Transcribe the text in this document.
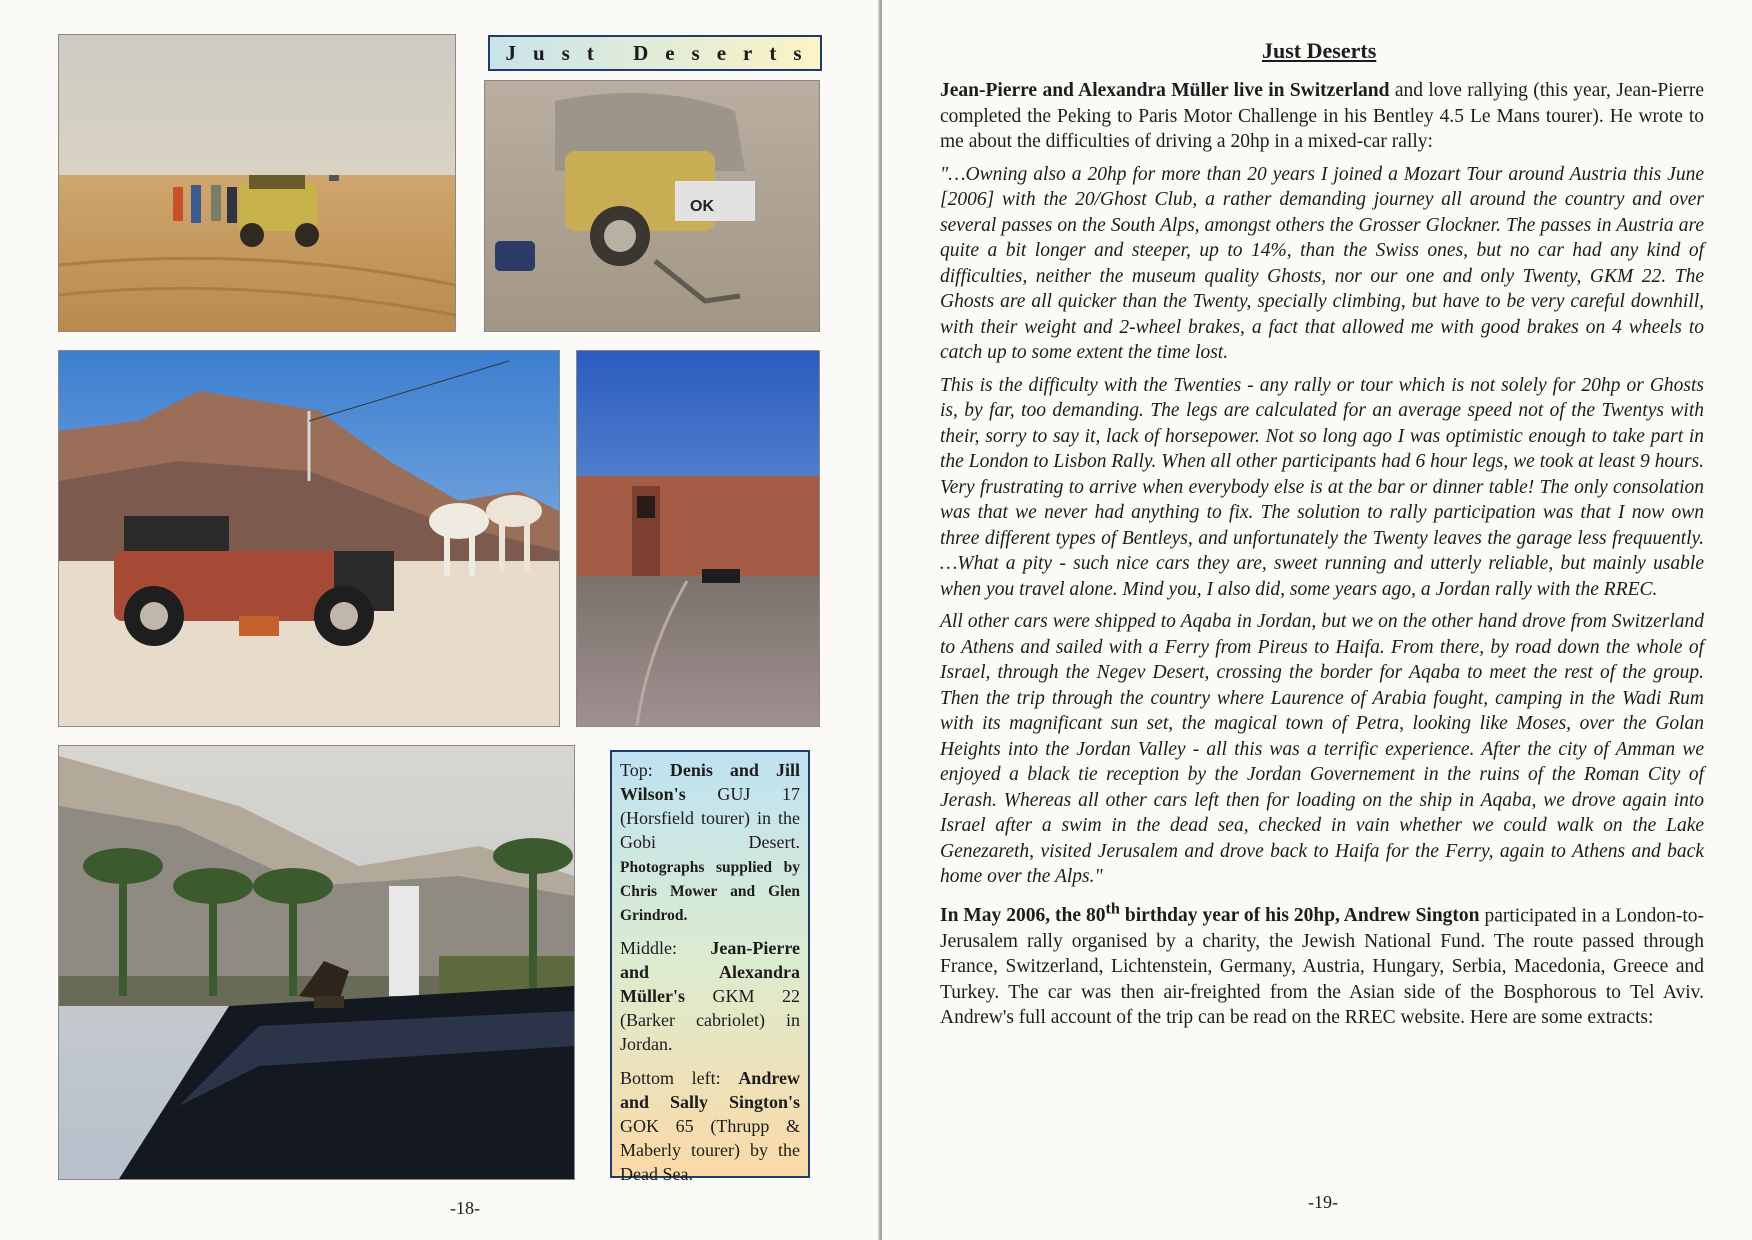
Just Deserts
OK

Top: Denis and Jill Wilson's GUJ 17 (Horsfield tourer) in the Gobi Desert. Photographs supplied by Chris Mower and Glen Grindrod.

Middle: Jean-Pierre and Alexandra Müller's GKM 22 (Barker cabriolet) in Jordan.

Bottom left: Andrew and Sally Sington's GOK 65 (Thrupp & Maberly tourer) by the Dead Sea.

-18-
Just Deserts

Jean-Pierre and Alexandra Müller live in Switzerland and love rallying (this year, Jean-Pierre completed the Peking to Paris Motor Challenge in his Bentley 4.5 Le Mans tourer). He wrote to me about the difficulties of driving a 20hp in a mixed-car rally:

"…Owning also a 20hp for more than 20 years I joined a Mozart Tour around Austria this June [2006] with the 20/Ghost Club, a rather demanding journey all around the country and over several passes on the South Alps, amongst others the Grosser Glockner. The passes in Austria are quite a bit longer and steeper, up to 14%, than the Swiss ones, but no car had any kind of difficulties, neither the museum quality Ghosts, nor our one and only Twenty, GKM 22. The Ghosts are all quicker than the Twenty, specially climbing, but have to be very careful downhill, with their weight and 2-wheel brakes, a fact that allowed me with good brakes on 4 wheels to catch up to some extent the time lost.

This is the difficulty with the Twenties - any rally or tour which is not solely for 20hp or Ghosts is, by far, too demanding. The legs are calculated for an average speed not of the Twentys with their, sorry to say it, lack of horsepower. Not so long ago I was optimistic enough to take part in the London to Lisbon Rally. When all other participants had 6 hour legs, we took at least 9 hours. Very frustrating to arrive when everybody else is at the bar or dinner table! The only consolation was that we never had anything to fix. The solution to rally participation was that I now own three different types of Bentleys, and unfortunately the Twenty leaves the garage less frequuently. …What a pity - such nice cars they are, sweet running and utterly reliable, but mainly usable when you travel alone. Mind you, I also did, some years ago, a Jordan rally with the RREC.

All other cars were shipped to Aqaba in Jordan, but we on the other hand drove from Switzerland to Athens and sailed with a Ferry from Pireus to Haifa. From there, by road down the whole of Israel, through the Negev Desert, crossing the border for Aqaba to meet the rest of the group. Then the trip through the country where Laurence of Arabia fought, camping in the Wadi Rum with its magnificant sun set, the magical town of Petra, looking like Moses, over the Golan Heights into the Jordan Valley - all this was a terrific experience. After the city of Amman we enjoyed a black tie reception by the Jordan Governement in the ruins of the Roman City of Jerash. Whereas all other cars left then for loading on the ship in Aqaba, we drove again into Israel after a swim in the dead sea, checked in vain whether we could walk on the Lake Genezareth, visited Jerusalem and drove back to Haifa for the Ferry, again to Athens and back home over the Alps."

In May 2006, the 80th birthday year of his 20hp, Andrew Sington participated in a London-to-Jerusalem rally organised by a charity, the Jewish National Fund. The route passed through France, Switzerland, Lichtenstein, Germany, Austria, Hungary, Serbia, Macedonia, Greece and Turkey. The car was then air-freighted from the Asian side of the Bosphorous to Tel Aviv. Andrew's full account of the trip can be read on the RREC website. Here are some extracts:

-19-
